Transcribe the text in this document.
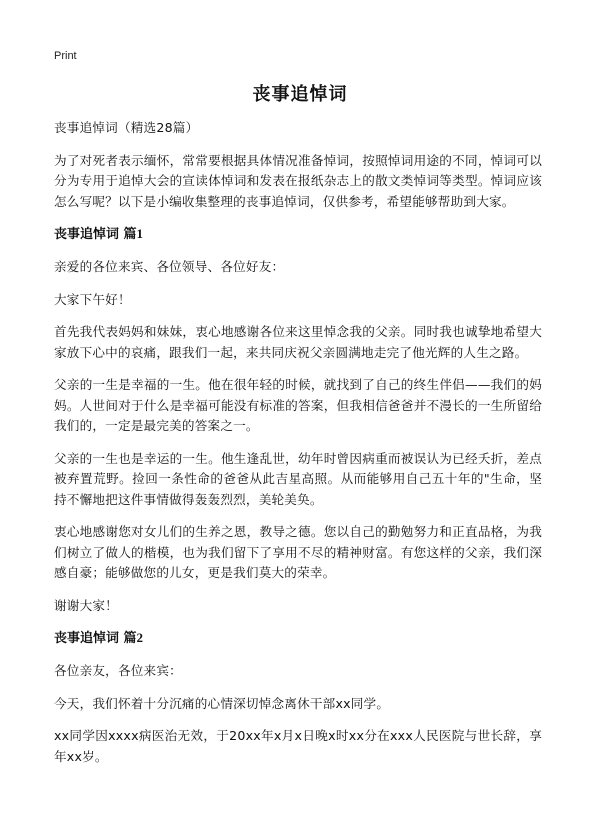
Print
丧事追悼词

丧事追悼词（精选28篇）

为了对死者表示缅怀，常常要根据具体情况准备悼词，按照悼词用途的不同，悼词可以分为专用于追悼大会的宣读体悼词和发表在报纸杂志上的散文类悼词等类型。悼词应该怎么写呢？以下是小编收集整理的丧事追悼词，仅供参考，希望能够帮助到大家。

丧事追悼词 篇1

亲爱的各位来宾、各位领导、各位好友：

大家下午好！

首先我代表妈妈和妹妹，衷心地感谢各位来这里悼念我的父亲。同时我也诚挚地希望大家放下心中的哀痛，跟我们一起，来共同庆祝父亲圆满地走完了他光辉的人生之路。

父亲的一生是幸福的一生。他在很年轻的时候，就找到了自己的终生伴侣——我们的妈妈。人世间对于什么是幸福可能没有标准的答案，但我相信爸爸并不漫长的一生所留给我们的，一定是最完美的答案之一。

父亲的一生也是幸运的一生。他生逢乱世，幼年时曾因病重而被误认为已经夭折，差点被弃置荒野。捡回一条性命的爸爸从此吉星高照。从而能够用自己五十年的"生命，坚持不懈地把这件事情做得轰轰烈烈，美轮美奂。

衷心地感谢您对女儿们的生养之恩，教导之德。您以自己的勤勉努力和正直品格，为我们树立了做人的楷模，也为我们留下了享用不尽的精神财富。有您这样的父亲，我们深感自豪；能够做您的儿女，更是我们莫大的荣幸。

谢谢大家！

丧事追悼词 篇2

各位亲友，各位来宾：

今天，我们怀着十分沉痛的心情深切悼念离休干部xx同学。

xx同学因xxxx病医治无效，于20xx年x月x日晚x时xx分在xxx人民医院与世长辞，享年xx岁。
